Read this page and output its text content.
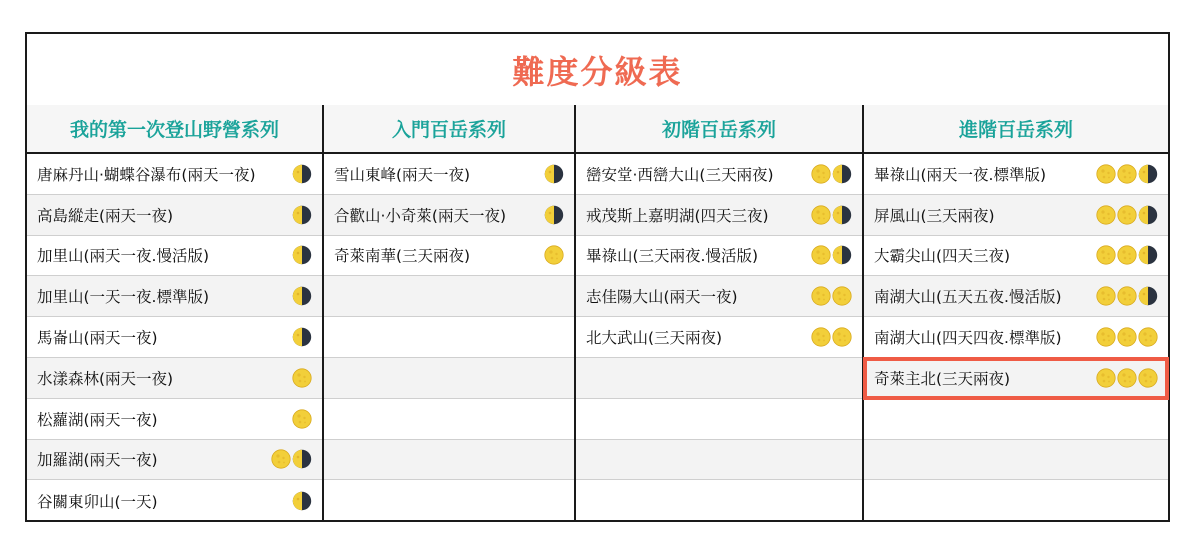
難度分級表
我的第一次登山野營系列
唐麻丹山‧蝴蝶谷瀑布(兩天一夜)
高島縱走(兩天一夜)
加里山(兩天一夜.慢活版)
加里山(一天一夜.標準版)
馬崙山(兩天一夜)
水漾森林(兩天一夜)
松蘿湖(兩天一夜)
加羅湖(兩天一夜)
谷關東卯山(一天)
入門百岳系列
雪山東峰(兩天一夜)
合歡山‧小奇萊(兩天一夜)
奇萊南華(三天兩夜)
初階百岳系列
巒安堂‧西巒大山(三天兩夜)
戒茂斯上嘉明湖(四天三夜)
畢祿山(三天兩夜.慢活版)
志佳陽大山(兩天一夜)
北大武山(三天兩夜)
進階百岳系列
畢祿山(兩天一夜.標準版)
屏風山(三天兩夜)
大霸尖山(四天三夜)
南湖大山(五天五夜.慢活版)
南湖大山(四天四夜.標準版)
奇萊主北(三天兩夜)
